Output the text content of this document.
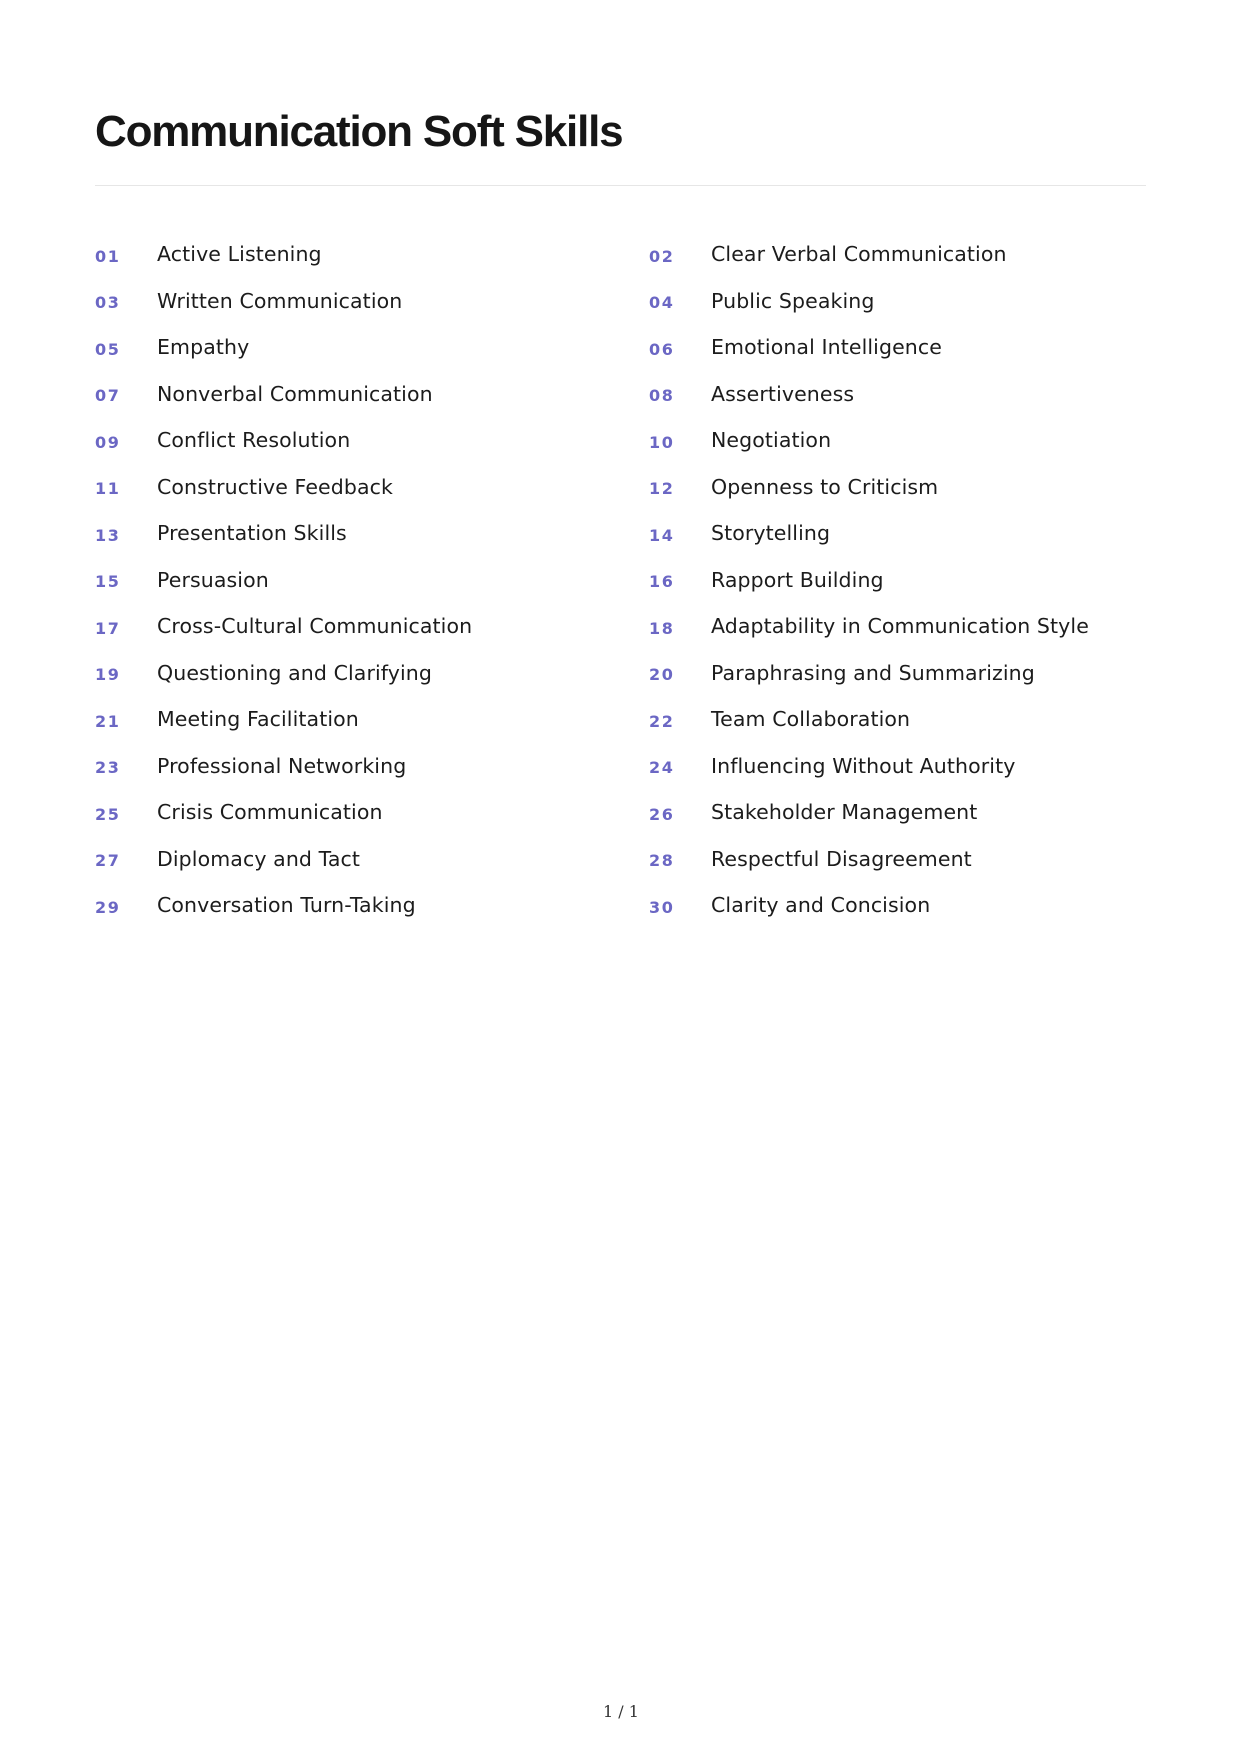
Communication Soft Skills
01	Active Listening	02	Clear Verbal Communication
03	Written Communication	04	Public Speaking
05	Empathy	06	Emotional Intelligence
07	Nonverbal Communication	08	Assertiveness
09	Conflict Resolution	10	Negotiation
11	Constructive Feedback	12	Openness to Criticism
13	Presentation Skills	14	Storytelling
15	Persuasion	16	Rapport Building
17	Cross-Cultural Communication	18	Adaptability in Communication Style
19	Questioning and Clarifying	20	Paraphrasing and Summarizing
21	Meeting Facilitation	22	Team Collaboration
23	Professional Networking	24	Influencing Without Authority
25	Crisis Communication	26	Stakeholder Management
27	Diplomacy and Tact	28	Respectful Disagreement
29	Conversation Turn-Taking	30	Clarity and Concision
1 / 1
